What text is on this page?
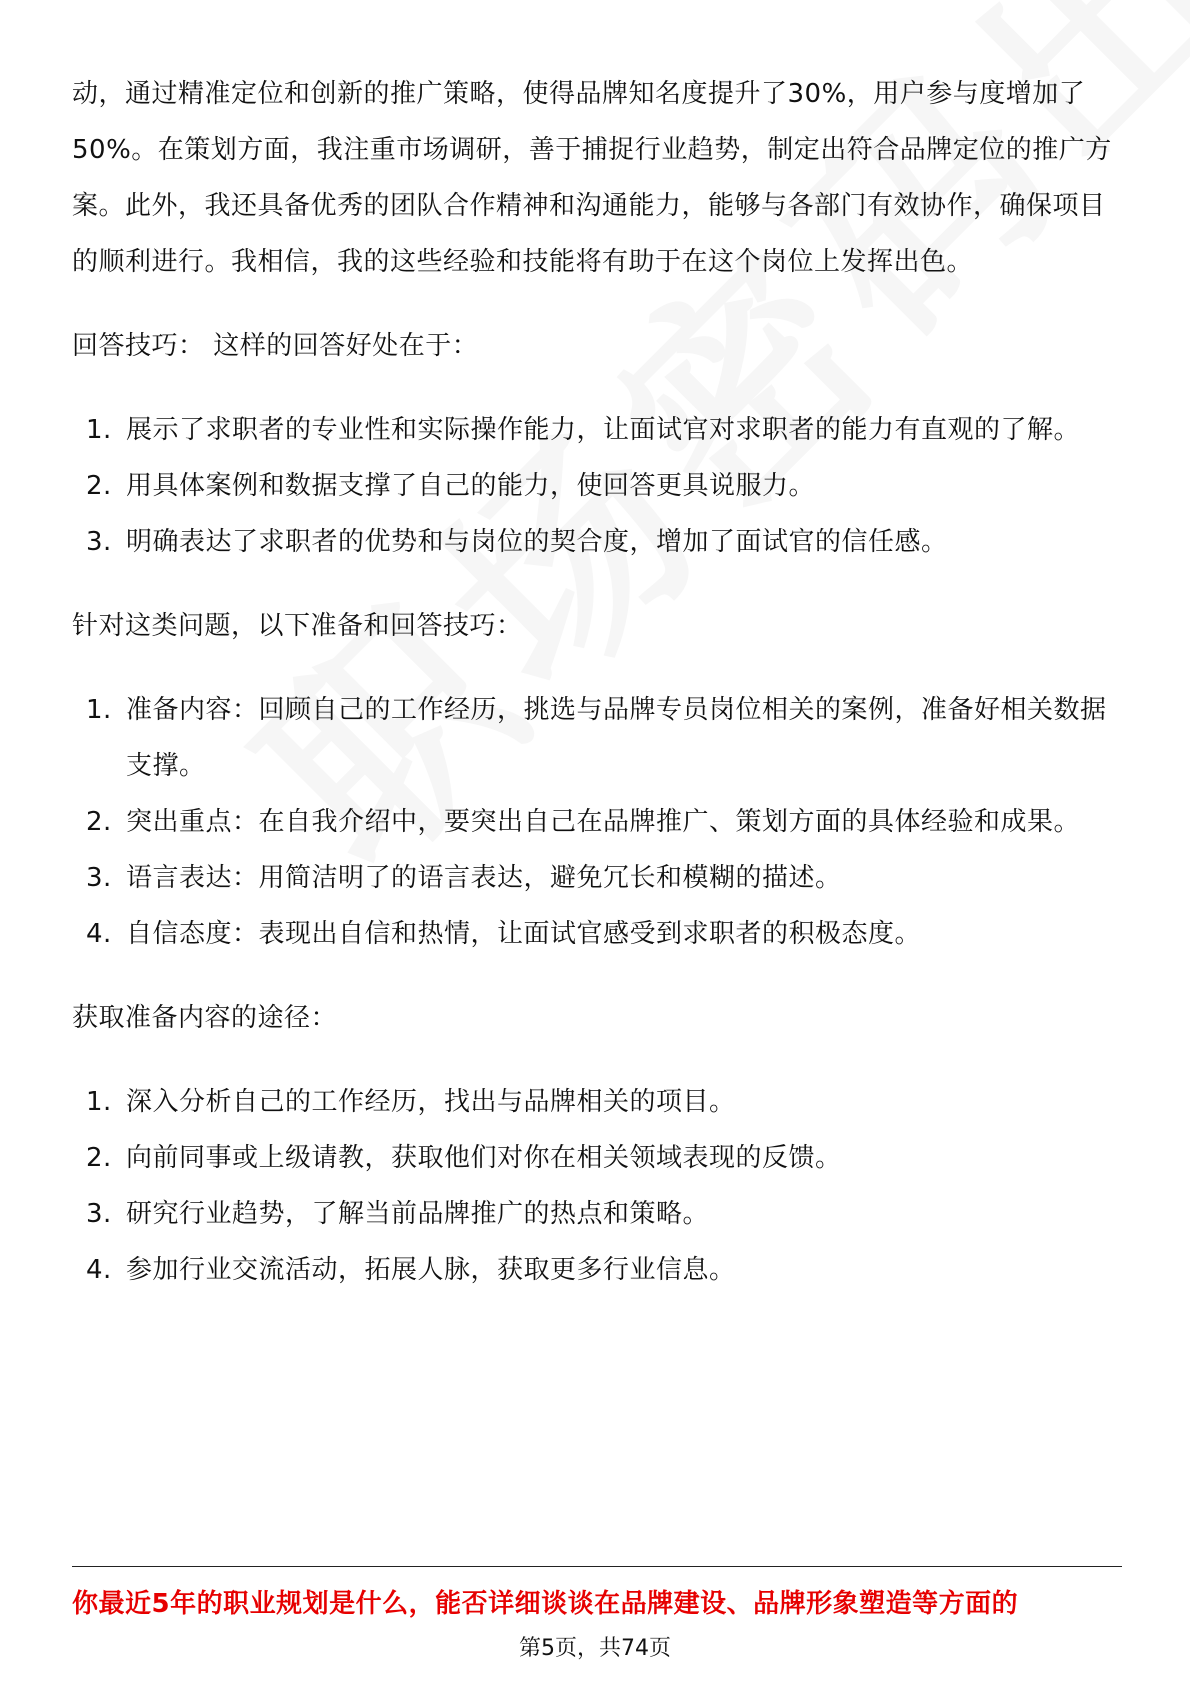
动，通过精准定位和创新的推广策略，使得品牌知名度提升了30%，用户参与度增加了50%。在策划方面，我注重市场调研，善于捕捉行业趋势，制定出符合品牌定位的推广方案。此外，我还具备优秀的团队合作精神和沟通能力，能够与各部门有效协作，确保项目的顺利进行。我相信，我的这些经验和技能将有助于在这个岗位上发挥出色。

回答技巧： 这样的回答好处在于：

1. 展示了求职者的专业性和实际操作能力，让面试官对求职者的能力有直观的了解。
2. 用具体案例和数据支撑了自己的能力，使回答更具说服力。
3. 明确表达了求职者的优势和与岗位的契合度，增加了面试官的信任感。

针对这类问题，以下准备和回答技巧：

1. 准备内容：回顾自己的工作经历，挑选与品牌专员岗位相关的案例，准备好相关数据支撑。
2. 突出重点：在自我介绍中，要突出自己在品牌推广、策划方面的具体经验和成果。
3. 语言表达：用简洁明了的语言表达，避免冗长和模糊的描述。
4. 自信态度：表现出自信和热情，让面试官感受到求职者的积极态度。

获取准备内容的途径：

1. 深入分析自己的工作经历，找出与品牌相关的项目。
2. 向前同事或上级请教，获取他们对你在相关领域表现的反馈。
3. 研究行业趋势，了解当前品牌推广的热点和策略。
4. 参加行业交流活动，拓展人脉，获取更多行业信息。
你最近5年的职业规划是什么，能否详细谈谈在品牌建设、品牌形象塑造等方面的
第5页，共74页
